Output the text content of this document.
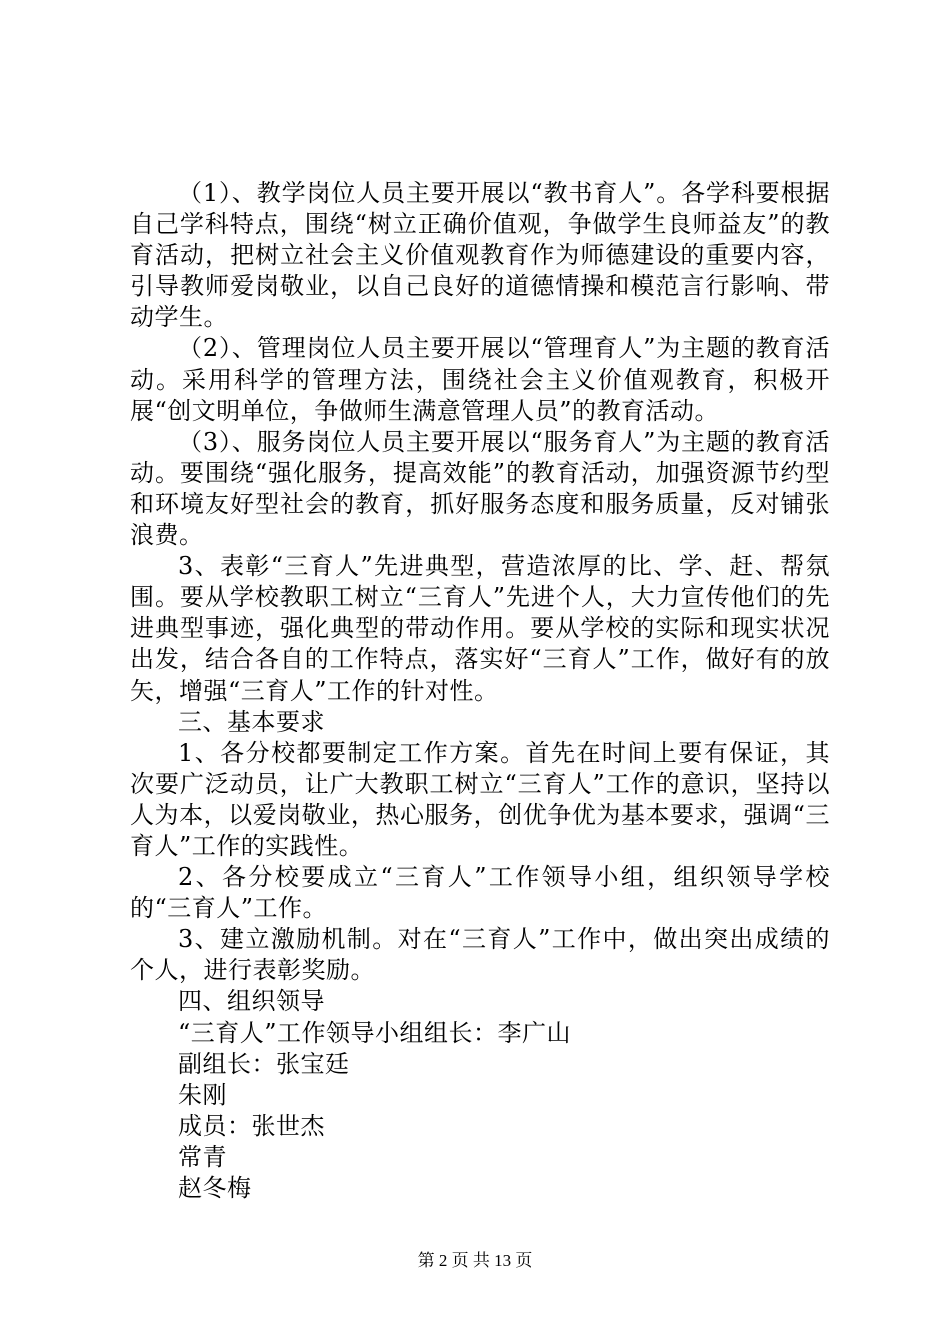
（1）、教学岗位人员主要开展以“教书育人”。各学科要根据自己学科特点，围绕“树立正确价值观，争做学生良师益友”的教育活动，把树立社会主义价值观教育作为师德建设的重要内容，引导教师爱岗敬业，以自己良好的道德情操和模范言行影响、带动学生。

（2）、管理岗位人员主要开展以“管理育人”为主题的教育活动。采用科学的管理方法，围绕社会主义价值观教育，积极开展“创文明单位，争做师生满意管理人员”的教育活动。

（3）、服务岗位人员主要开展以“服务育人”为主题的教育活动。要围绕“强化服务，提高效能”的教育活动，加强资源节约型和环境友好型社会的教育，抓好服务态度和服务质量，反对铺张浪费。

3、表彰“三育人”先进典型，营造浓厚的比、学、赶、帮氛围。要从学校教职工树立“三育人”先进个人，大力宣传他们的先进典型事迹，强化典型的带动作用。要从学校的实际和现实状况出发，结合各自的工作特点，落实好“三育人”工作，做好有的放矢，增强“三育人”工作的针对性。

三、基本要求

1、各分校都要制定工作方案。首先在时间上要有保证，其次要广泛动员，让广大教职工树立“三育人”工作的意识，坚持以人为本，以爱岗敬业，热心服务，创优争优为基本要求，强调“三育人”工作的实践性。

2、各分校要成立“三育人”工作领导小组，组织领导学校的“三育人”工作。

3、建立激励机制。对在“三育人”工作中，做出突出成绩的个人，进行表彰奖励。

四、组织领导

“三育人”工作领导小组组长：李广山

副组长：张宝廷

朱刚

成员：张世杰

常青

赵冬梅

第 2 页 共 13 页
